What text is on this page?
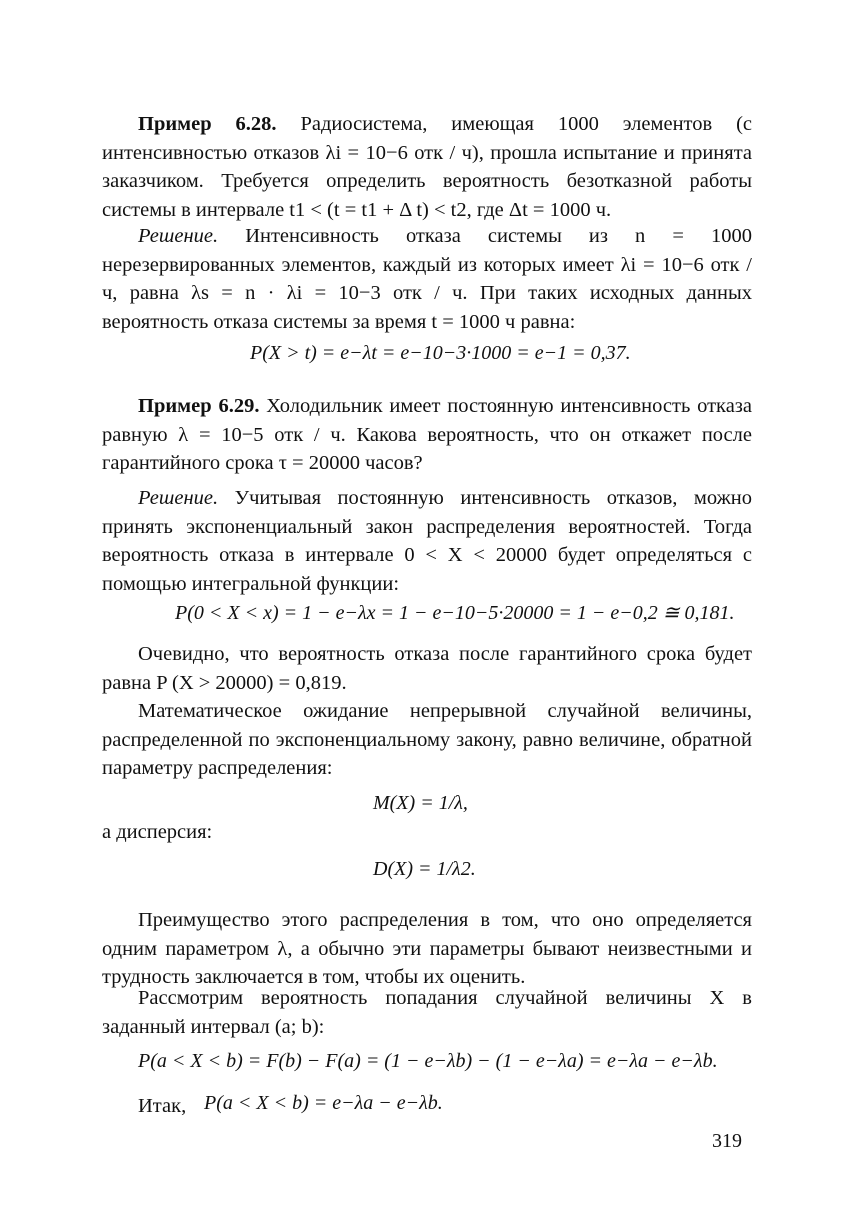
Пример 6.28. Радиосистема, имеющая 1000 элементов (с интенсивностью отказов λi = 10−6 отк / ч), прошла испытание и принята заказчиком. Требуется определить вероятность безотказной работы системы в интервале t1 < (t = t1 + Δ t) < t2, где Δt = 1000 ч.
Решение. Интенсивность отказа системы из n = 1000 нерезервированных элементов, каждый из которых имеет λi = 10−6 отк / ч, равна λs = n · λi = 10−3 отк / ч. При таких исходных данных вероятность отказа системы за время t = 1000 ч равна:
P(X > t) = e−λt = e−10−3·1000 = e−1 = 0,37.
Пример 6.29. Холодильник имеет постоянную интенсивность отказа равную λ = 10−5 отк / ч. Какова вероятность, что он откажет после гарантийного срока τ = 20000 часов?
Решение. Учитывая постоянную интенсивность отказов, можно принять экспоненциальный закон распределения вероятностей. Тогда вероятность отказа в интервале 0 < X < 20000 будет определяться с помощью интегральной функции:
P(0 < X < x) = 1 − e−λx = 1 − e−10−5·20000 = 1 − e−0,2 ≅ 0,181.
Очевидно, что вероятность отказа после гарантийного срока будет равна P (X > 20000) = 0,819.
Математическое ожидание непрерывной случайной величины, распределенной по экспоненциальному закону, равно величине, обратной параметру распределения:
M(X) = 1/λ,
а дисперсия:
D(X) = 1/λ2.
Преимущество этого распределения в том, что оно определяется одним параметром λ, а обычно эти параметры бывают неизвестными и трудность заключается в том, чтобы их оценить.
Рассмотрим вероятность попадания случайной величины X в заданный интервал (a; b):
P(a < X < b) = F(b) − F(a) = (1 − e−λb) − (1 − e−λa) = e−λa − e−λb.
Итак, P(a < X < b) = e−λa − e−λb.
319
